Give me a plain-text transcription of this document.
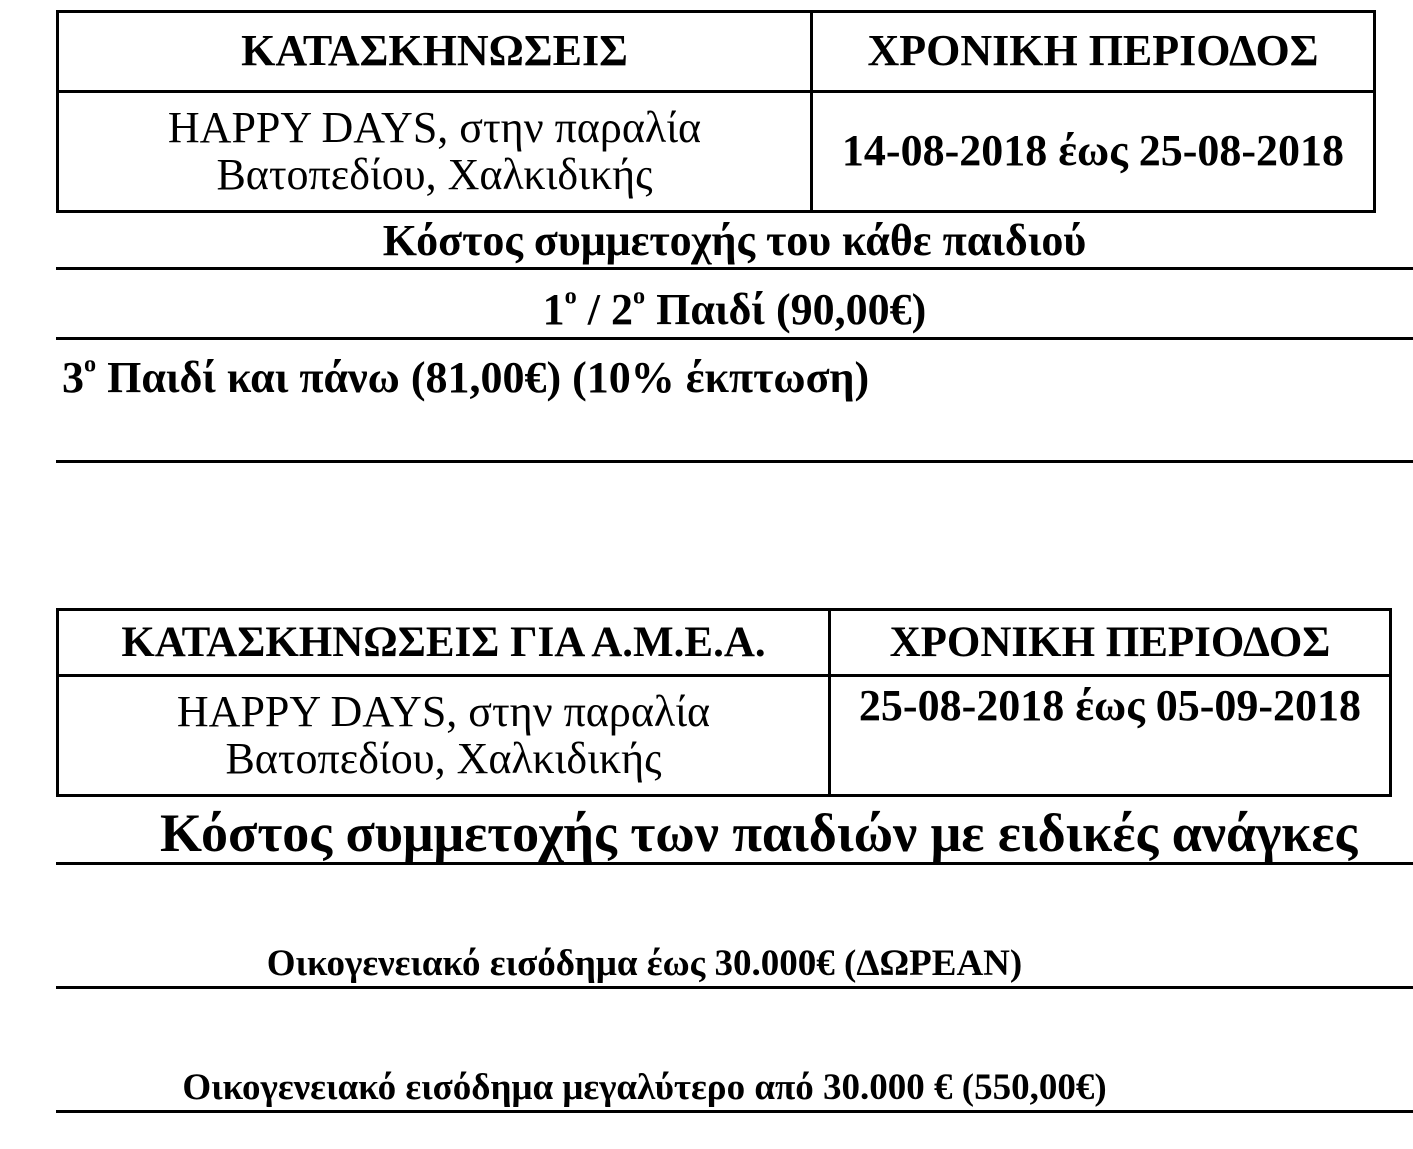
ΚΑΤΑΣΚΗΝΩΣΕΙΣ	ΧΡΟΝΙΚΗ ΠΕΡΙΟΔΟΣ

HAPPY DAYS, στην παραλία
Βατοπεδίου, Χαλκιδικής	14-08-2018 έως 25-08-2018
Κόστος συμμετοχής του κάθε παιδιού
$1^o / 2^o$ Παιδί (90,00€)
$3^o$ Παιδί και πάνω (81,00€) (10% έκπτωση)
ΚΑΤΑΣΚΗΝΩΣΕΙΣ ΓΙΑ Α.Μ.Ε.Α.	ΧΡΟΝΙΚΗ ΠΕΡΙΟΔΟΣ

HAPPY DAYS, στην παραλία
Βατοπεδίου, Χαλκιδικής	25-08-2018 έως 05-09-2018
Κόστος συμμετοχής των παιδιών με ειδικές ανάγκες
Οικογενειακό εισόδημα έως 30.000€ (ΔΩΡΕΑΝ)
Οικογενειακό εισόδημα μεγαλύτερο από 30.000 € (550,00€)
